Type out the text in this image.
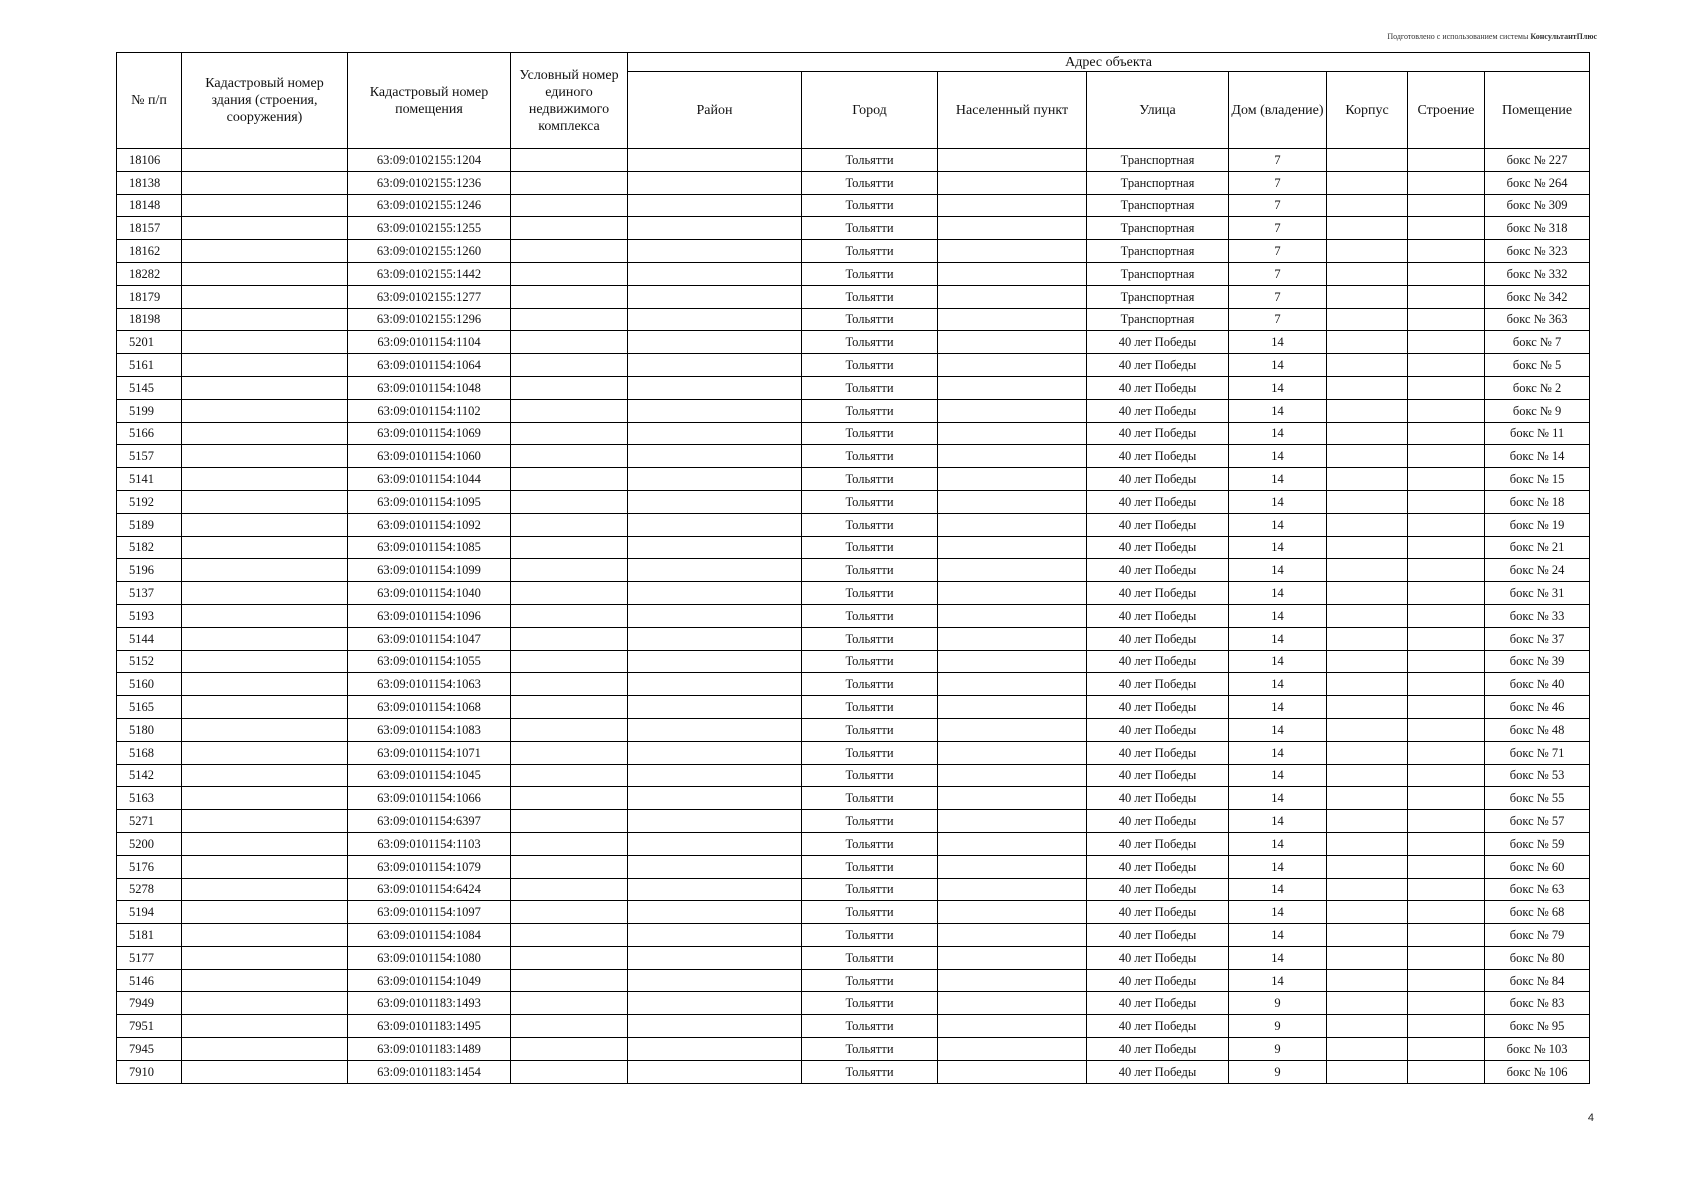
Подготовлено с использованием системы КонсультантПлюс
№ п/п	Кадастровый номер здания (строения, сооружения)	Кадастровый номер помещения	Условный номер единого недвижимого комплекса	Адрес объекта							
				Район	Город	Населенный пункт	Улица	Дом (владение)	Корпус	Строение	Помещение
18106		63:09:0102155:1204			Тольятти		Транспортная	7			бокс № 227
18138		63:09:0102155:1236			Тольятти		Транспортная	7			бокс № 264
18148		63:09:0102155:1246			Тольятти		Транспортная	7			бокс № 309
18157		63:09:0102155:1255			Тольятти		Транспортная	7			бокс № 318
18162		63:09:0102155:1260			Тольятти		Транспортная	7			бокс № 323
18282		63:09:0102155:1442			Тольятти		Транспортная	7			бокс № 332
18179		63:09:0102155:1277			Тольятти		Транспортная	7			бокс № 342
18198		63:09:0102155:1296			Тольятти		Транспортная	7			бокс № 363
5201		63:09:0101154:1104			Тольятти		40 лет Победы	14			бокс № 7
5161		63:09:0101154:1064			Тольятти		40 лет Победы	14			бокс № 5
5145		63:09:0101154:1048			Тольятти		40 лет Победы	14			бокс № 2
5199		63:09:0101154:1102			Тольятти		40 лет Победы	14			бокс № 9
5166		63:09:0101154:1069			Тольятти		40 лет Победы	14			бокс № 11
5157		63:09:0101154:1060			Тольятти		40 лет Победы	14			бокс № 14
5141		63:09:0101154:1044			Тольятти		40 лет Победы	14			бокс № 15
5192		63:09:0101154:1095			Тольятти		40 лет Победы	14			бокс № 18
5189		63:09:0101154:1092			Тольятти		40 лет Победы	14			бокс № 19
5182		63:09:0101154:1085			Тольятти		40 лет Победы	14			бокс № 21
5196		63:09:0101154:1099			Тольятти		40 лет Победы	14			бокс № 24
5137		63:09:0101154:1040			Тольятти		40 лет Победы	14			бокс № 31
5193		63:09:0101154:1096			Тольятти		40 лет Победы	14			бокс № 33
5144		63:09:0101154:1047			Тольятти		40 лет Победы	14			бокс № 37
5152		63:09:0101154:1055			Тольятти		40 лет Победы	14			бокс № 39
5160		63:09:0101154:1063			Тольятти		40 лет Победы	14			бокс № 40
5165		63:09:0101154:1068			Тольятти		40 лет Победы	14			бокс № 46
5180		63:09:0101154:1083			Тольятти		40 лет Победы	14			бокс № 48
5168		63:09:0101154:1071			Тольятти		40 лет Победы	14			бокс № 71
5142		63:09:0101154:1045			Тольятти		40 лет Победы	14			бокс № 53
5163		63:09:0101154:1066			Тольятти		40 лет Победы	14			бокс № 55
5271		63:09:0101154:6397			Тольятти		40 лет Победы	14			бокс № 57
5200		63:09:0101154:1103			Тольятти		40 лет Победы	14			бокс № 59
5176		63:09:0101154:1079			Тольятти		40 лет Победы	14			бокс № 60
5278		63:09:0101154:6424			Тольятти		40 лет Победы	14			бокс № 63
5194		63:09:0101154:1097			Тольятти		40 лет Победы	14			бокс № 68
5181		63:09:0101154:1084			Тольятти		40 лет Победы	14			бокс № 79
5177		63:09:0101154:1080			Тольятти		40 лет Победы	14			бокс № 80
5146		63:09:0101154:1049			Тольятти		40 лет Победы	14			бокс № 84
7949		63:09:0101183:1493			Тольятти		40 лет Победы	9			бокс № 83
7951		63:09:0101183:1495			Тольятти		40 лет Победы	9			бокс № 95
7945		63:09:0101183:1489			Тольятти		40 лет Победы	9			бокс № 103
7910		63:09:0101183:1454			Тольятти		40 лет Победы	9			бокс № 106
4
